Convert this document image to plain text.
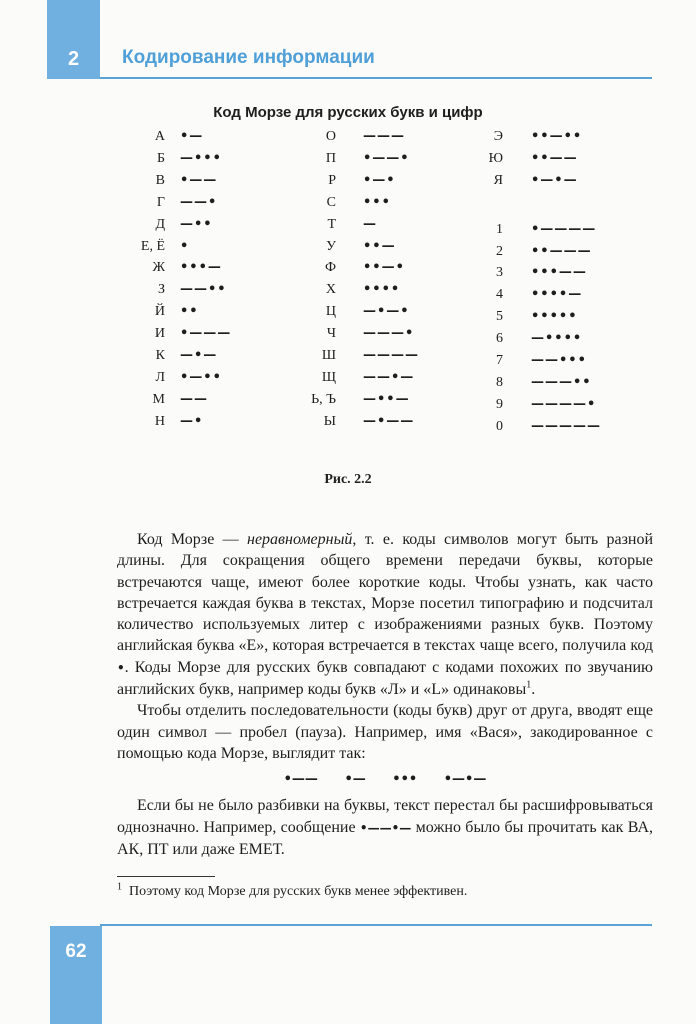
2	Кодирование информации
Код Морзе для русских букв и цифр
А •—
Б —•••
В •——
Г ——•
Д —••
Е, Ё •
Ж •••—
З ——••
Й ••
И •———
К —•—
Л •—••
М ——
Н —•
О ———
П •——•
Р •—•
С •••
Т —
У ••—
Ф ••—•
Х ••••
Ц —•—•
Ч ———•
Ш ————
Щ ——•—
Ь, Ъ —••—
Ы —•——
Э ••—••
Ю ••——
Я •—•—
1 •————
2 ••———
3 •••——
4 ••••—
5 •••••
6 —••••
7 ——•••
8 ———••
9 ————•
0 —————
Рис. 2.2

Код Морзе — неравномерный, т. е. коды символов могут быть разной длины. Для сокращения общего времени передачи буквы, которые встречаются чаще, имеют более короткие коды. Чтобы узнать, как часто встречается каждая буква в текстах, Морзе посетил типографию и подсчитал количество используемых литер с изображениями разных букв. Поэтому английская буква «Е», которая встречается в текстах чаще всего, получила код •. Коды Морзе для русских букв совпадают с кодами похожих по звучанию английских букв, например коды букв «Л» и «L» одинаковы$^1$.

Чтобы отделить последовательности (коды букв) друг от друга, вводят еще один символ — пробел (пауза). Например, имя «Вася», закодированное с помощью кода Морзе, выглядит так:

•—— •— ••• •—•—

Если бы не было разбивки на буквы, текст перестал бы расшифровываться однозначно. Например, сообщение •——•— можно было бы прочитать как ВА, АК, ПТ или даже ЕМЕТ.

$^1$ Поэтому код Морзе для русских букв менее эффективен.
62
